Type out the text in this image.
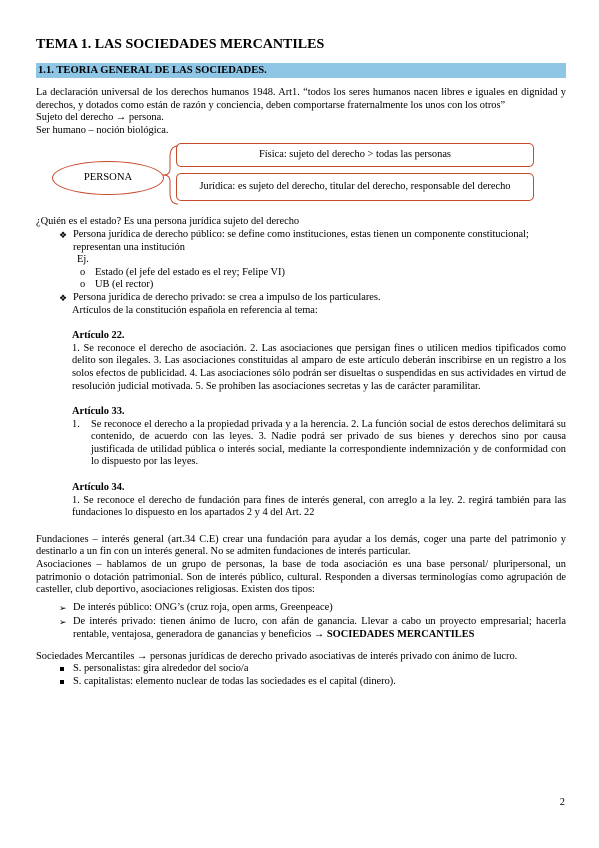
TEMA 1. LAS SOCIEDADES MERCANTILES
1.1. TEORIA GENERAL DE LAS SOCIEDADES.

La declaración universal de los derechos humanos 1948. Art1. “todos los seres humanos nacen libres e iguales en dignidad y derechos, y dotados como están de razón y conciencia, deben comportarse fraternalmente los unos con los otros”

Sujeto del derecho → persona.

Ser humano – noción biológica.

PERSONA
Física: sujeto del derecho > todas las personas
Jurídica: es sujeto del derecho, titular del derecho, responsable del derecho

¿Quién es el estado? Es una persona jurídica sujeto del derecho

❖ Persona jurídica de derecho público: se define como instituciones, estas tienen un componente constitucional; representan una institución

Ej.

o Estado (el jefe del estado es el rey; Felipe VI)
o UB (el rector)
❖ Persona jurídica de derecho privado: se crea a impulso de los particulares.

Artículos de la constitución española en referencia al tema:

Artículo 22.

1. Se reconoce el derecho de asociación. 2. Las asociaciones que persigan fines o utilicen medios tipificados como delito son ilegales. 3. Las asociaciones constituidas al amparo de este artículo deberán inscribirse en un registro a los solos efectos de publicidad. 4. Las asociaciones sólo podrán ser disueltas o suspendidas en sus actividades en virtud de resolución judicial motivada. 5. Se prohíben las asociaciones secretas y las de carácter paramilitar.

Artículo 33.

1. Se reconoce el derecho a la propiedad privada y a la herencia. 2. La función social de estos derechos delimitará su contenido, de acuerdo con las leyes. 3. Nadie podrá ser privado de sus bienes y derechos sino por causa justificada de utilidad pública o interés social, mediante la correspondiente indemnización y de conformidad con lo dispuesto por las leyes.

Artículo 34.

1. Se reconoce el derecho de fundación para fines de interés general, con arreglo a la ley. 2. regirá también para las fundaciones lo dispuesto en los apartados 2 y 4 del Art. 22

Fundaciones – interés general (art.34 C.E) crear una fundación para ayudar a los demás, coger una parte del patrimonio y destinarlo a un fin con un interés general. No se admiten fundaciones de interés particular.

Asociaciones – hablamos de un grupo de personas, la base de toda asociación es una base personal/ pluripersonal, un patrimonio o dotación patrimonial. Son de interés público, cultural. Responden a diversas terminologías como agrupación de casteller, club deportivo, asociaciones religiosas. Existen dos tipos:

➢ De interés público: ONG’s (cruz roja, open arms, Greenpeace)
➢ De interés privado: tienen ánimo de lucro, con afán de ganancia. Llevar a cabo un proyecto empresarial; hacerla rentable, ventajosa, generadora de ganancias y beneficios → SOCIEDADES MERCANTILES

Sociedades Mercantiles → personas jurídicas de derecho privado asociativas de interés privado con ánimo de lucro.

S. personalistas: gira alrededor del socio/a
S. capitalistas: elemento nuclear de todas las sociedades es el capital (dinero).
2
